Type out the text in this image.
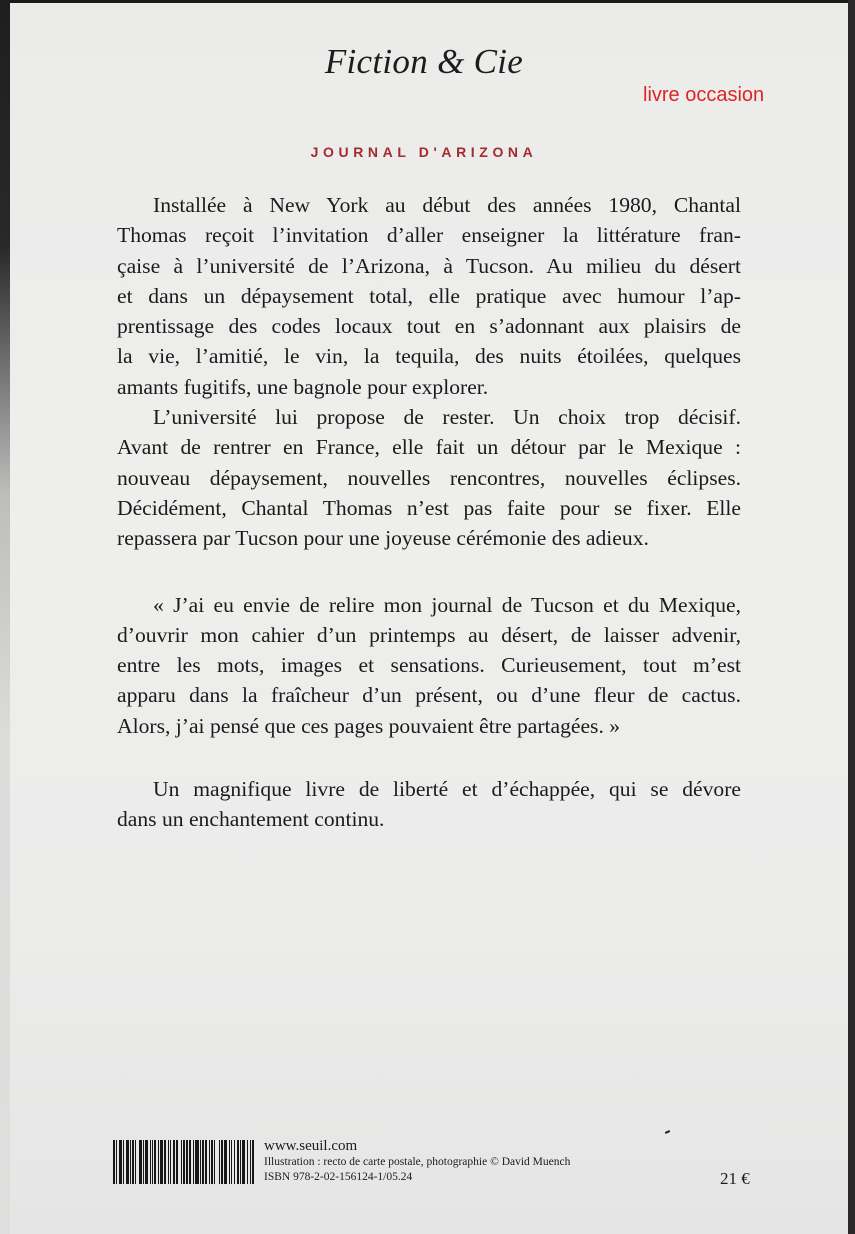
Fiction & Cie
livre occasion
JOURNAL D'ARIZONA
Installée à New York au début des années 1980, Chantal
Thomas reçoit l’invitation d’aller enseigner la littérature fran-
çaise à l’université de l’Arizona, à Tucson. Au milieu du désert
et dans un dépaysement total, elle pratique avec humour l’ap-
prentissage des codes locaux tout en s’adonnant aux plaisirs de
la vie, l’amitié, le vin, la tequila, des nuits étoilées, quelques
amants fugitifs, une bagnole pour explorer.
L’université lui propose de rester. Un choix trop décisif.
Avant de rentrer en France, elle fait un détour par le Mexique :
nouveau dépaysement, nouvelles rencontres, nouvelles éclipses.
Décidément, Chantal Thomas n’est pas faite pour se fixer. Elle
repassera par Tucson pour une joyeuse cérémonie des adieux.
« J’ai eu envie de relire mon journal de Tucson et du Mexique,
d’ouvrir mon cahier d’un printemps au désert, de laisser advenir,
entre les mots, images et sensations. Curieusement, tout m’est
apparu dans la fraîcheur d’un présent, ou d’une fleur de cactus.
Alors, j’ai pensé que ces pages pouvaient être partagées. »
Un magnifique livre de liberté et d’échappée, qui se dévore
dans un enchantement continu.
www.seuil.com
Illustration : recto de carte postale, photographie © David Muench
ISBN 978-2-02-156124-1/05.24	21 €
